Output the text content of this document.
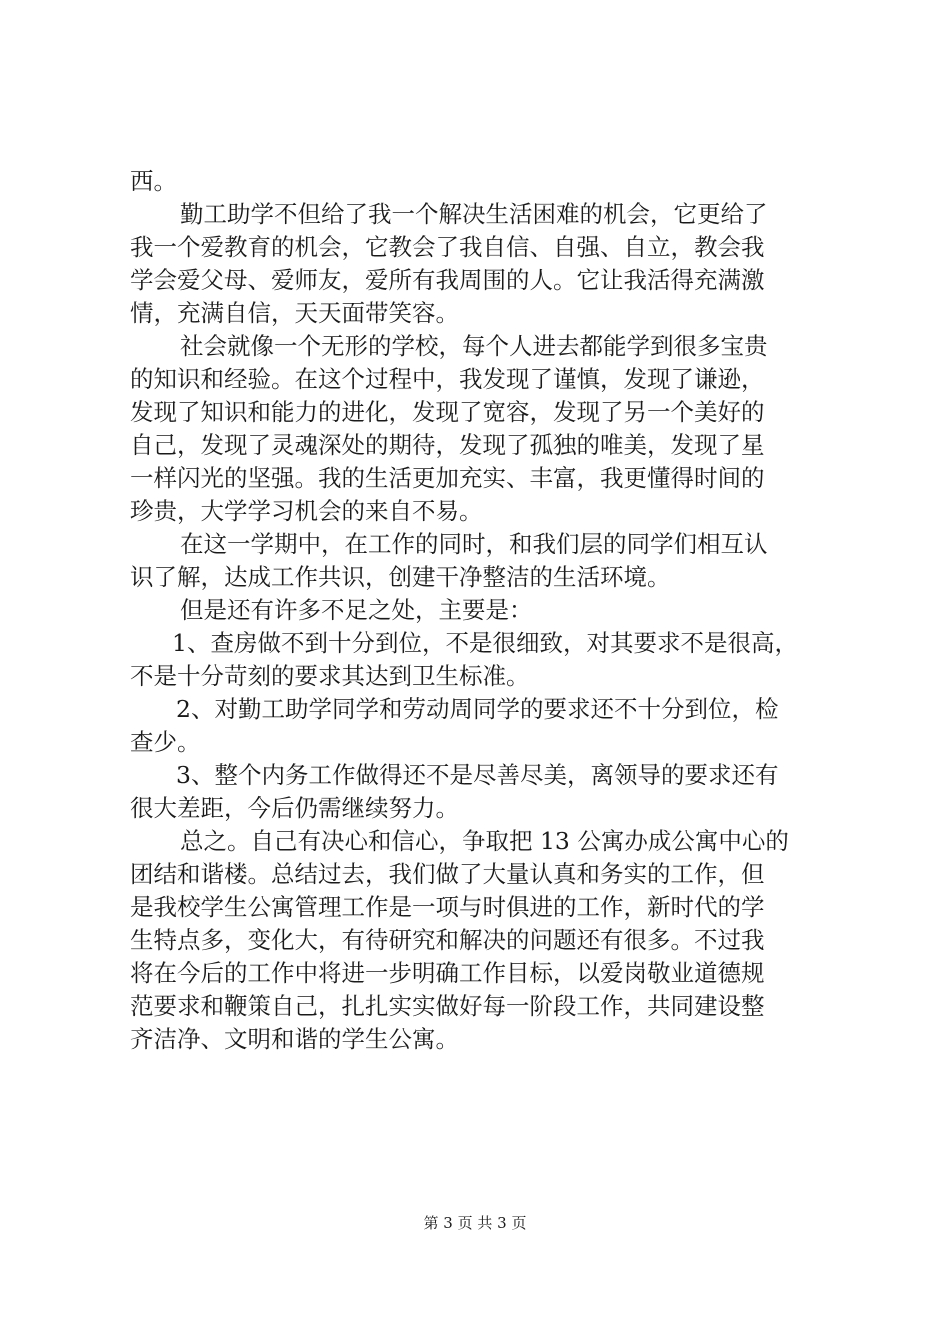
西。
勤工助学不但给了我一个解决生活困难的机会，它更给了
我一个爱教育的机会，它教会了我自信、自强、自立，教会我
学会爱父母、爱师友，爱所有我周围的人。它让我活得充满激
情，充满自信，天天面带笑容。
社会就像一个无形的学校，每个人进去都能学到很多宝贵
的知识和经验。在这个过程中，我发现了谨慎，发现了谦逊，
发现了知识和能力的进化，发现了宽容，发现了另一个美好的
自己，发现了灵魂深处的期待，发现了孤独的唯美，发现了星
一样闪光的坚强。我的生活更加充实、丰富，我更懂得时间的
珍贵，大学学习机会的来自不易。
在这一学期中，在工作的同时，和我们层的同学们相互认
识了解，达成工作共识，创建干净整洁的生活环境。
但是还有许多不足之处，主要是：
1、查房做不到十分到位，不是很细致，对其要求不是很高，
不是十分苛刻的要求其达到卫生标准。
2、对勤工助学同学和劳动周同学的要求还不十分到位，检
查少。
3、整个内务工作做得还不是尽善尽美，离领导的要求还有
很大差距，今后仍需继续努力。
总之。自己有决心和信心，争取把 13 公寓办成公寓中心的
团结和谐楼。总结过去，我们做了大量认真和务实的工作，但
是我校学生公寓管理工作是一项与时俱进的工作，新时代的学
生特点多，变化大，有待研究和解决的问题还有很多。不过我
将在今后的工作中将进一步明确工作目标，以爱岗敬业道德规
范要求和鞭策自己，扎扎实实做好每一阶段工作，共同建设整
齐洁净、文明和谐的学生公寓。
第 3 页 共 3 页
